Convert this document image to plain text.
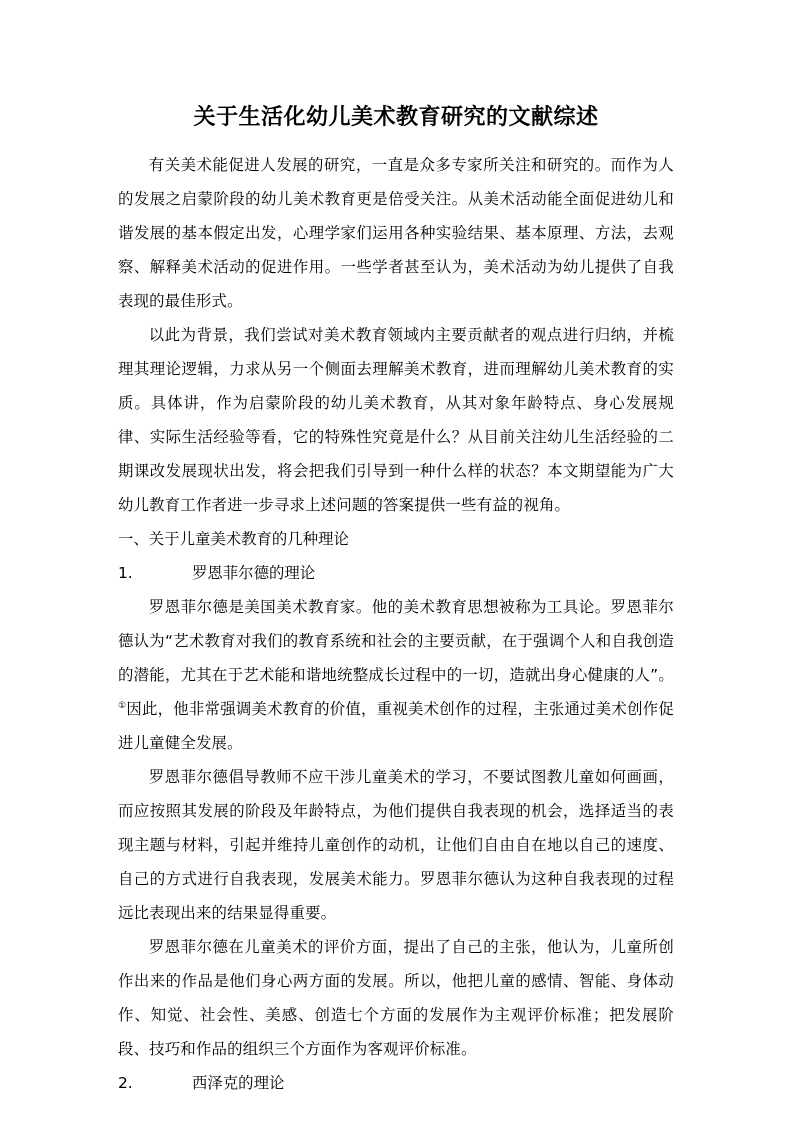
关于生活化幼儿美术教育研究的文献综述

有关美术能促进人发展的研究，一直是众多专家所关注和研究的。而作为人的发展之启蒙阶段的幼儿美术教育更是倍受关注。从美术活动能全面促进幼儿和谐发展的基本假定出发，心理学家们运用各种实验结果、基本原理、方法，去观察、解释美术活动的促进作用。一些学者甚至认为，美术活动为幼儿提供了自我表现的最佳形式。

以此为背景，我们尝试对美术教育领域内主要贡献者的观点进行归纳，并梳理其理论逻辑，力求从另一个侧面去理解美术教育，进而理解幼儿美术教育的实质。具体讲，作为启蒙阶段的幼儿美术教育，从其对象年龄特点、身心发展规律、实际生活经验等看，它的特殊性究竟是什么？从目前关注幼儿生活经验的二期课改发展现状出发，将会把我们引导到一种什么样的状态？本文期望能为广大幼儿教育工作者进一步寻求上述问题的答案提供一些有益的视角。

一、关于儿童美术教育的几种理论

1.	罗恩菲尔德的理论

罗恩菲尔德是美国美术教育家。他的美术教育思想被称为工具论。罗恩菲尔德认为“艺术教育对我们的教育系统和社会的主要贡献，在于强调个人和自我创造的潜能，尤其在于艺术能和谐地统整成长过程中的一切，造就出身心健康的人”。①因此，他非常强调美术教育的价值，重视美术创作的过程，主张通过美术创作促进儿童健全发展。

罗恩菲尔德倡导教师不应干涉儿童美术的学习，不要试图教儿童如何画画，而应按照其发展的阶段及年龄特点，为他们提供自我表现的机会，选择适当的表现主题与材料，引起并维持儿童创作的动机，让他们自由自在地以自己的速度、自己的方式进行自我表现，发展美术能力。罗恩菲尔德认为这种自我表现的过程远比表现出来的结果显得重要。

罗恩菲尔德在儿童美术的评价方面，提出了自己的主张，他认为，儿童所创作出来的作品是他们身心两方面的发展。所以，他把儿童的感情、智能、身体动作、知觉、社会性、美感、创造七个方面的发展作为主观评价标准；把发展阶段、技巧和作品的组织三个方面作为客观评价标准。

2.	西泽克的理论
